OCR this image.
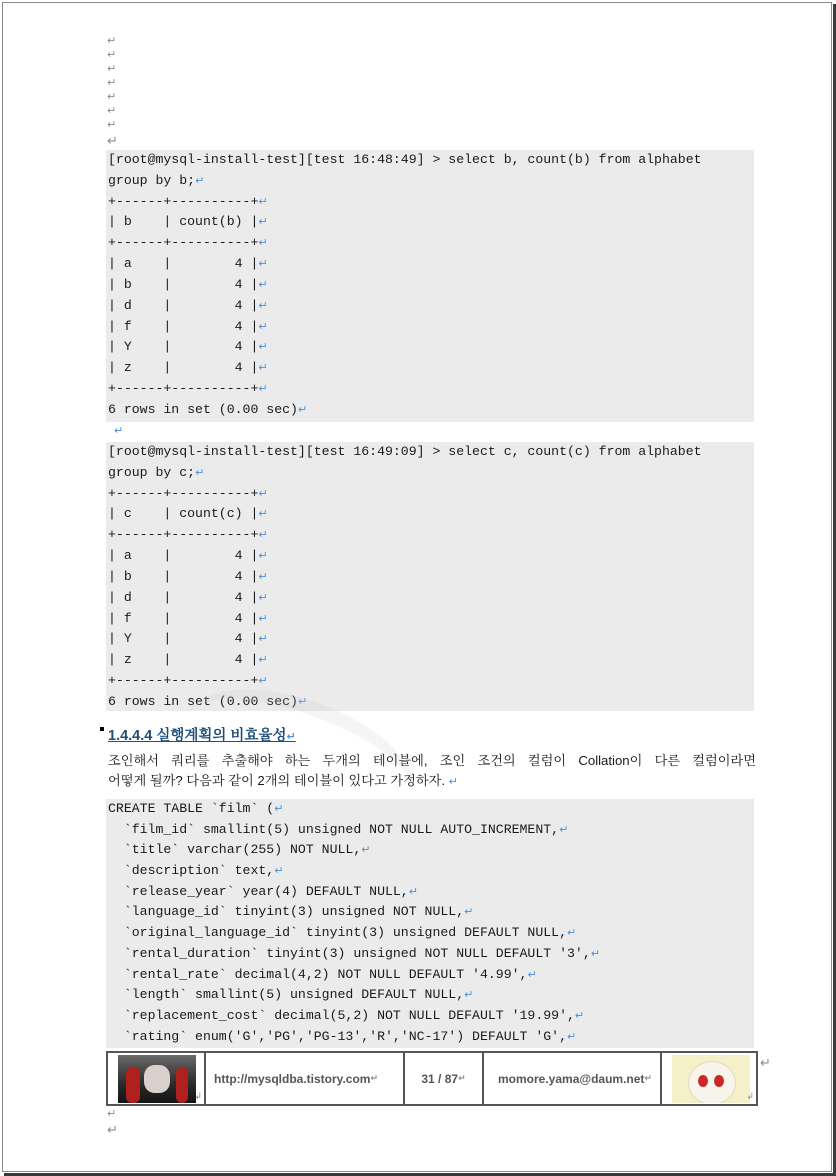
↵
↵
↵
↵
↵
↵
↵
↵
[root@mysql-install-test][test 16:48:49] > select b, count(b) from alphabet
group by b;↵
+------+----------+↵
| b    | count(b) |↵
+------+----------+↵
| a    |        4 |↵
| b    |        4 |↵
| d    |        4 |↵
| f    |        4 |↵
| Y    |        4 |↵
| z    |        4 |↵
+------+----------+↵
6 rows in set (0.00 sec)↵
↵
[root@mysql-install-test][test 16:49:09] > select c, count(c) from alphabet
group by c;↵
+------+----------+↵
| c    | count(c) |↵
+------+----------+↵
| a    |        4 |↵
| b    |        4 |↵
| d    |        4 |↵
| f    |        4 |↵
| Y    |        4 |↵
| z    |        4 |↵
+------+----------+↵
6 rows in set (0.00 sec)↵
1.4.4.4 실행계획의 비효율성↵
조인해서 쿼리를 추출해야 하는 두개의 테이블에, 조인 조건의 컬럼이 Collation이 다른 컬럼이라면
어떻게 될까? 다음과 같이 2개의 테이블이 있다고 가정하자. ↵
CREATE TABLE `film` (↵
`film_id` smallint(5) unsigned NOT NULL AUTO_INCREMENT,↵
`title` varchar(255) NOT NULL,↵
`description` text,↵
`release_year` year(4) DEFAULT NULL,↵
`language_id` tinyint(3) unsigned NOT NULL,↵
`original_language_id` tinyint(3) unsigned DEFAULT NULL,↵
`rental_duration` tinyint(3) unsigned NOT NULL DEFAULT '3',↵
`rental_rate` decimal(4,2) NOT NULL DEFAULT '4.99',↵
`length` smallint(5) unsigned DEFAULT NULL,↵
`replacement_cost` decimal(5,2) NOT NULL DEFAULT '19.99',↵
`rating` enum('G','PG','PG-13','R','NC-17') DEFAULT 'G',↵
↲
http://mysqldba.tistory.com ↵	31 / 87 ↵	momore.yama@daum.net ↵
↲
↵
↵
↵
